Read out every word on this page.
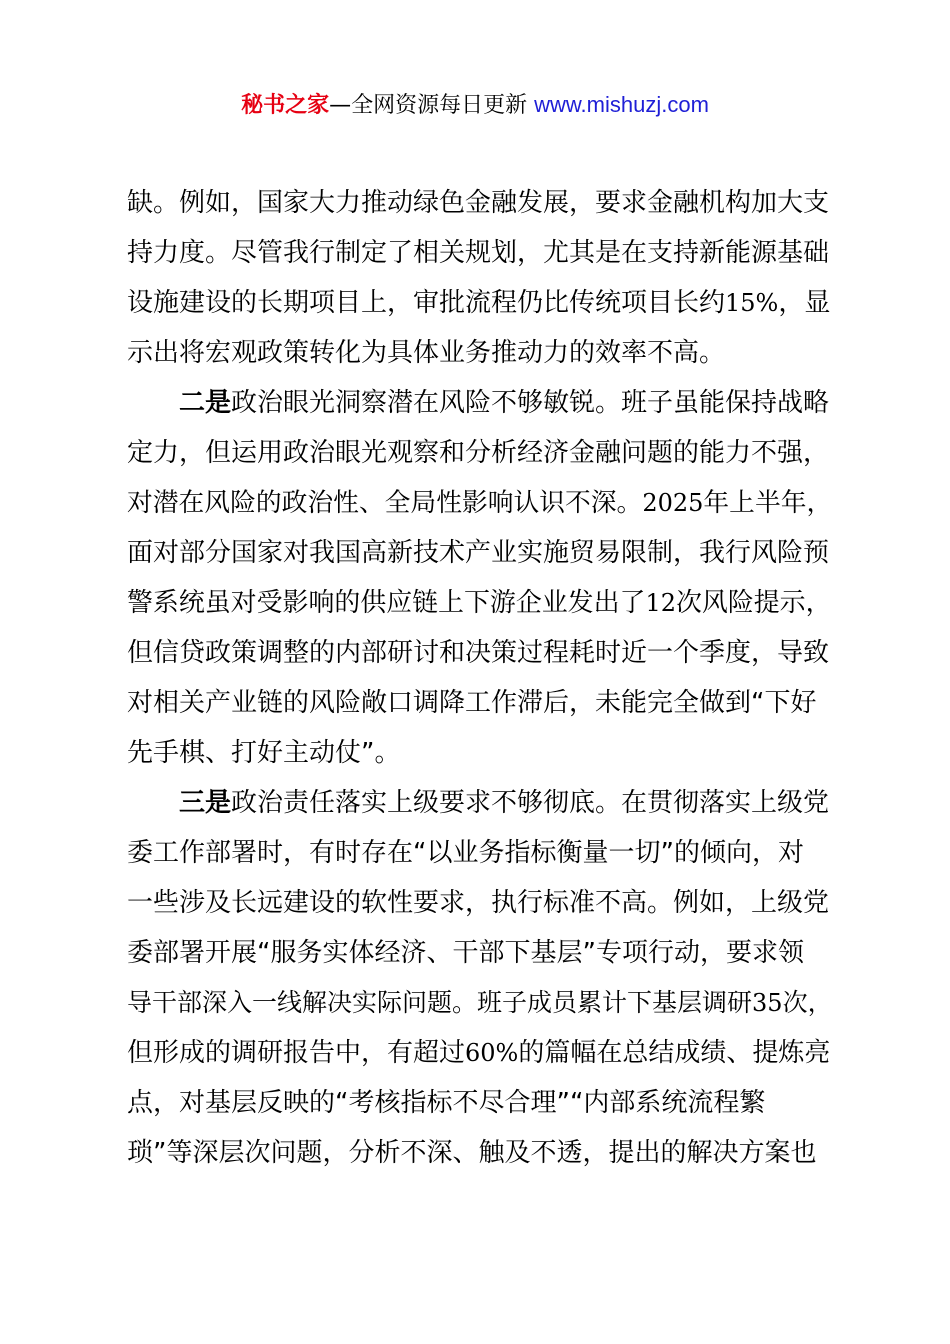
秘书之家—全网资源每日更新 www.mishuzj.com
缺。例如，国家大力推动绿色金融发展，要求金融机构加大支
持力度。尽管我行制定了相关规划，尤其是在支持新能源基础
设施建设的长期项目上，审批流程仍比传统项目长约15%，显
示出将宏观政策转化为具体业务推动力的效率不高。
二是政治眼光洞察潜在风险不够敏锐。班子虽能保持战略
定力，但运用政治眼光观察和分析经济金融问题的能力不强，
对潜在风险的政治性、全局性影响认识不深。2025年上半年，
面对部分国家对我国高新技术产业实施贸易限制，我行风险预
警系统虽对受影响的供应链上下游企业发出了12次风险提示，
但信贷政策调整的内部研讨和决策过程耗时近一个季度，导致
对相关产业链的风险敞口调降工作滞后，未能完全做到“下好
先手棋、打好主动仗”。
三是政治责任落实上级要求不够彻底。在贯彻落实上级党
委工作部署时，有时存在“以业务指标衡量一切”的倾向，对
一些涉及长远建设的软性要求，执行标准不高。例如，上级党
委部署开展“服务实体经济、干部下基层”专项行动，要求领
导干部深入一线解决实际问题。班子成员累计下基层调研35次，
但形成的调研报告中，有超过60%的篇幅在总结成绩、提炼亮
点，对基层反映的“考核指标不尽合理”“内部系统流程繁
琐”等深层次问题，分析不深、触及不透，提出的解决方案也
